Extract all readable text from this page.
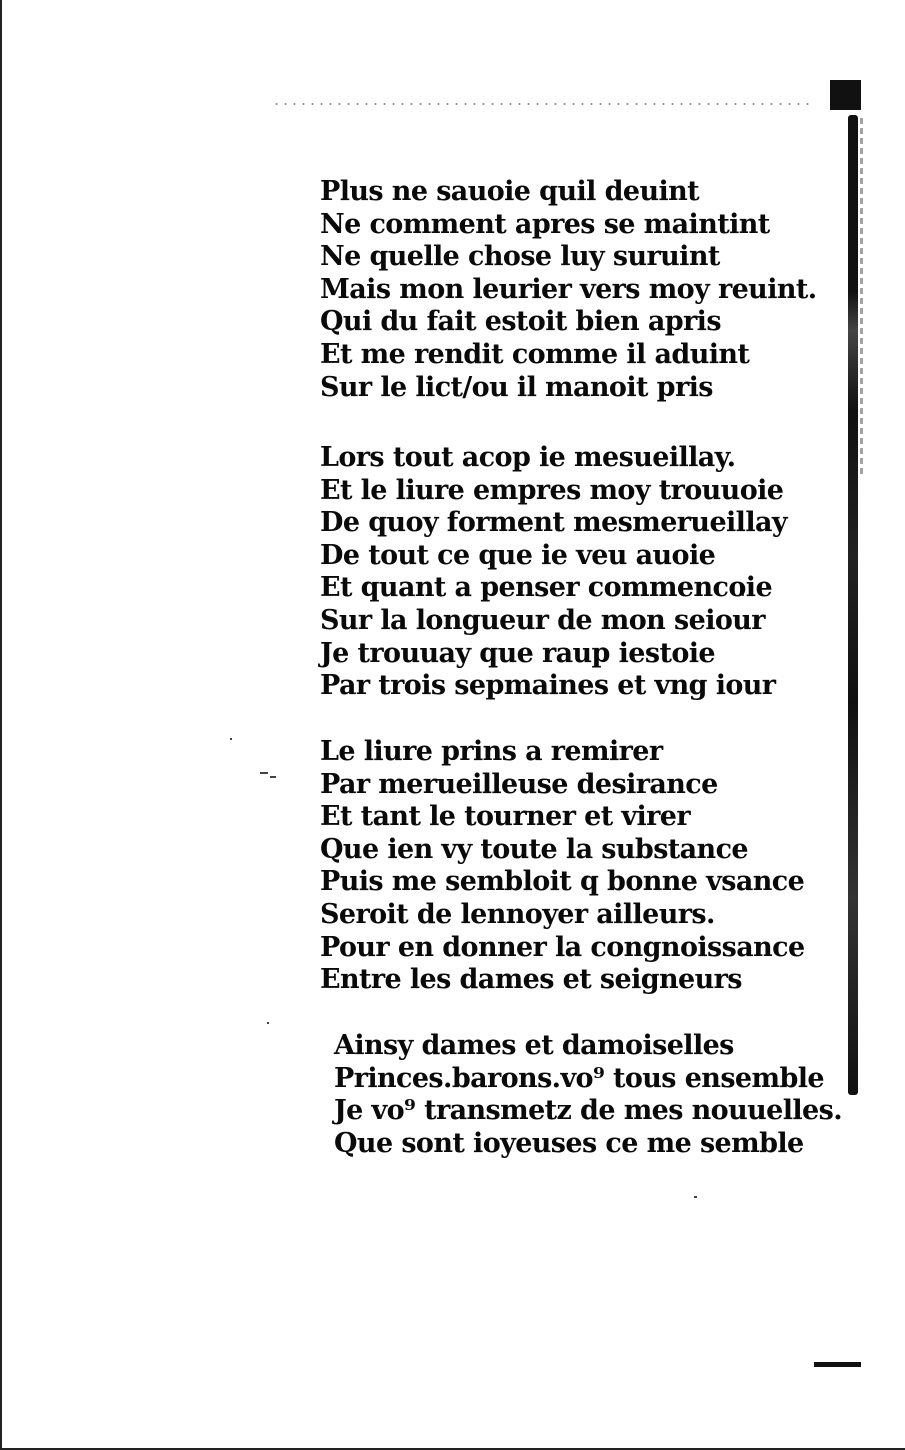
Plus ne sauoie quil deuint
Ne comment apres se maintint
Ne quelle chose luy suruint
Mais mon leurier vers moy reuint.
Qui du fait estoit bien apris
Et me rendit comme il aduint
Sur le lict/ou il manoit pris
Lors tout acop ie mesueillay.
Et le liure empres moy trouuoie
De quoy forment mesmerueillay
De tout ce que ie veu auoie
Et quant a penser commencoie
Sur la longueur de mon seiour
Je trouuay que raup iestoie
Par trois sepmaines et vng iour
Le liure prins a remirer
Par merueilleuse desirance
Et tant le tourner et virer
Que ien vy toute la substance
Puis me sembloit q bonne vsance
Seroit de lennoyer ailleurs.
Pour en donner la congnoissance
Entre les dames et seigneurs
Ainsy dames et damoiselles
Princes.barons.vo⁹ tous ensemble
Je vo⁹ transmetz de mes nouuelles.
Que sont ioyeuses ce me semble
